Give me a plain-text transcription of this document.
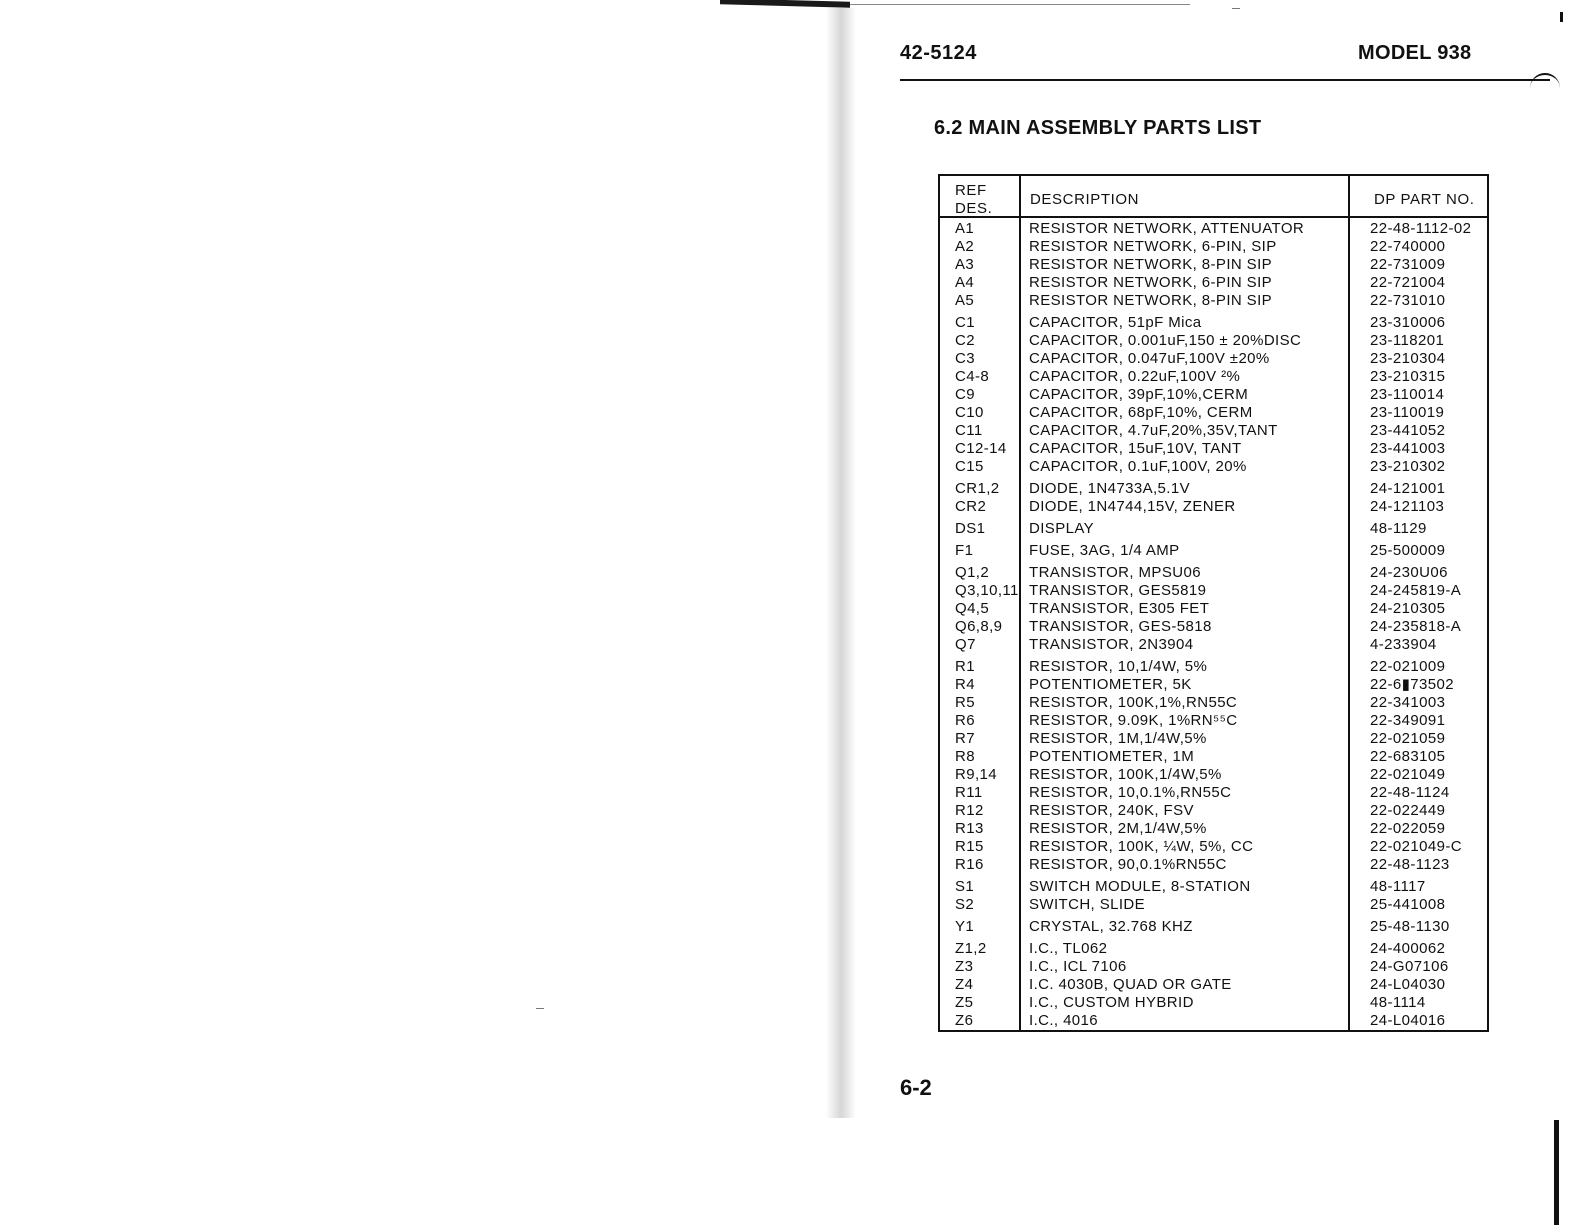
42-5124	MODEL 938
6.2 MAIN ASSEMBLY PARTS LIST
REF
DES.
DESCRIPTION	DP PART NO.
A1	RESISTOR NETWORK, ATTENUATOR	22-48-1112-02
A2	RESISTOR NETWORK, 6-PIN, SIP	22-740000
A3	RESISTOR NETWORK, 8-PIN SIP	22-731009
A4	RESISTOR NETWORK, 6-PIN SIP	22-721004
A5	RESISTOR NETWORK, 8-PIN SIP	22-731010
C1	CAPACITOR, 51pF Mica	23-310006
C2	CAPACITOR, 0.001uF,150 ± 20%DISC	23-118201
C3	CAPACITOR, 0.047uF,100V ±20%	23-210304
C4-8	CAPACITOR, 0.22uF,100V ²%	23-210315
C9	CAPACITOR, 39pF,10%,CERM	23-110014
C10	CAPACITOR, 68pF,10%, CERM	23-110019
C11	CAPACITOR, 4.7uF,20%,35V,TANT	23-441052
C12-14 CAPACITOR, 15uF,10V, TANT	23-441003
C15	CAPACITOR, 0.1uF,100V, 20%	23-210302
CR1,2 DIODE, 1N4733A,5.1V	24-121001
CR2	DIODE, 1N4744,15V, ZENER	24-121103
DS1	DISPLAY	48-1129
F1	FUSE, 3AG, 1/4 AMP	25-500009
Q1,2	TRANSISTOR, MPSU06	24-230U06
Q3,10,11 TRANSISTOR, GES5819	24-245819-A
Q4,5	TRANSISTOR, E305 FET	24-210305
Q6,8,9 TRANSISTOR, GES-5818	24-235818-A
Q7	TRANSISTOR, 2N3904	4-233904
R1	RESISTOR, 10,1/4W, 5%	22-021009
R4	POTENTIOMETER, 5K	22-6▮73502
R5	RESISTOR, 100K,1%,RN55C	22-341003
R6	RESISTOR, 9.09K, 1%RN⁵⁵C	22-349091
R7	RESISTOR, 1M,1/4W,5%	22-021059
R8	POTENTIOMETER, 1M	22-683105
R9,14 RESISTOR, 100K,1/4W,5%	22-021049
R11	RESISTOR, 10,0.1%,RN55C	22-48-1124
R12	RESISTOR, 240K, FSV	22-022449
R13	RESISTOR, 2M,1/4W,5%	22-022059
R15	RESISTOR, 100K, ¼W, 5%, CC	22-021049-C
R16	RESISTOR, 90,0.1%RN55C	22-48-1123
S1	SWITCH MODULE, 8-STATION	48-1117
S2	SWITCH, SLIDE	25-441008
Y1	CRYSTAL, 32.768 KHZ	25-48-1130
Z1,2	I.C., TL062	24-400062
Z3	I.C., ICL 7106	24-G07106
Z4	I.C. 4030B, QUAD OR GATE	24-L04030
Z5	I.C., CUSTOM HYBRID	48-1114
Z6	I.C., 4016	24-L04016
6-2
